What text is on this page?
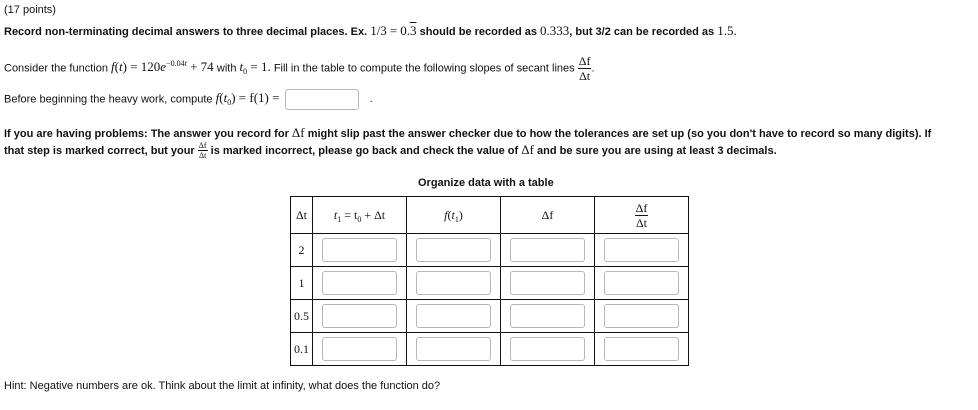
(17 points)
Record non-terminating decimal answers to three decimal places. Ex. 1/3 = 0.3 should be recorded as 0.333, but 3/2 can be recorded as 1.5.
Consider the function $f(t) = 120e^{-0.04t} + 74$ with $t_0 = 1$. Fill in the table to compute the following slopes of secant lines $\frac{\Delta f}{\Delta t}$ .
Before beginning the heavy work, compute $f(t_0) = f(1)$ =	.
If you are having problems: The answer you record for Δf might slip past the answer checker due to how the tolerances are set up (so you don't have to record so many digits). If
that step is marked correct, but your $\frac{\Delta f}{\Delta t}$ is marked incorrect, please go back and check the value of Δf and be sure you are using at least 3 decimals.
Organize data with a table
Δt	$t_1 = t_0 + \Delta t$	$f(t_1)$	Δf	$\frac{\Delta f}{\Delta t}$

2	

1	

0.5	

0.1	

Hint: Negative numbers are ok. Think about the limit at infinity, what does the function do?
